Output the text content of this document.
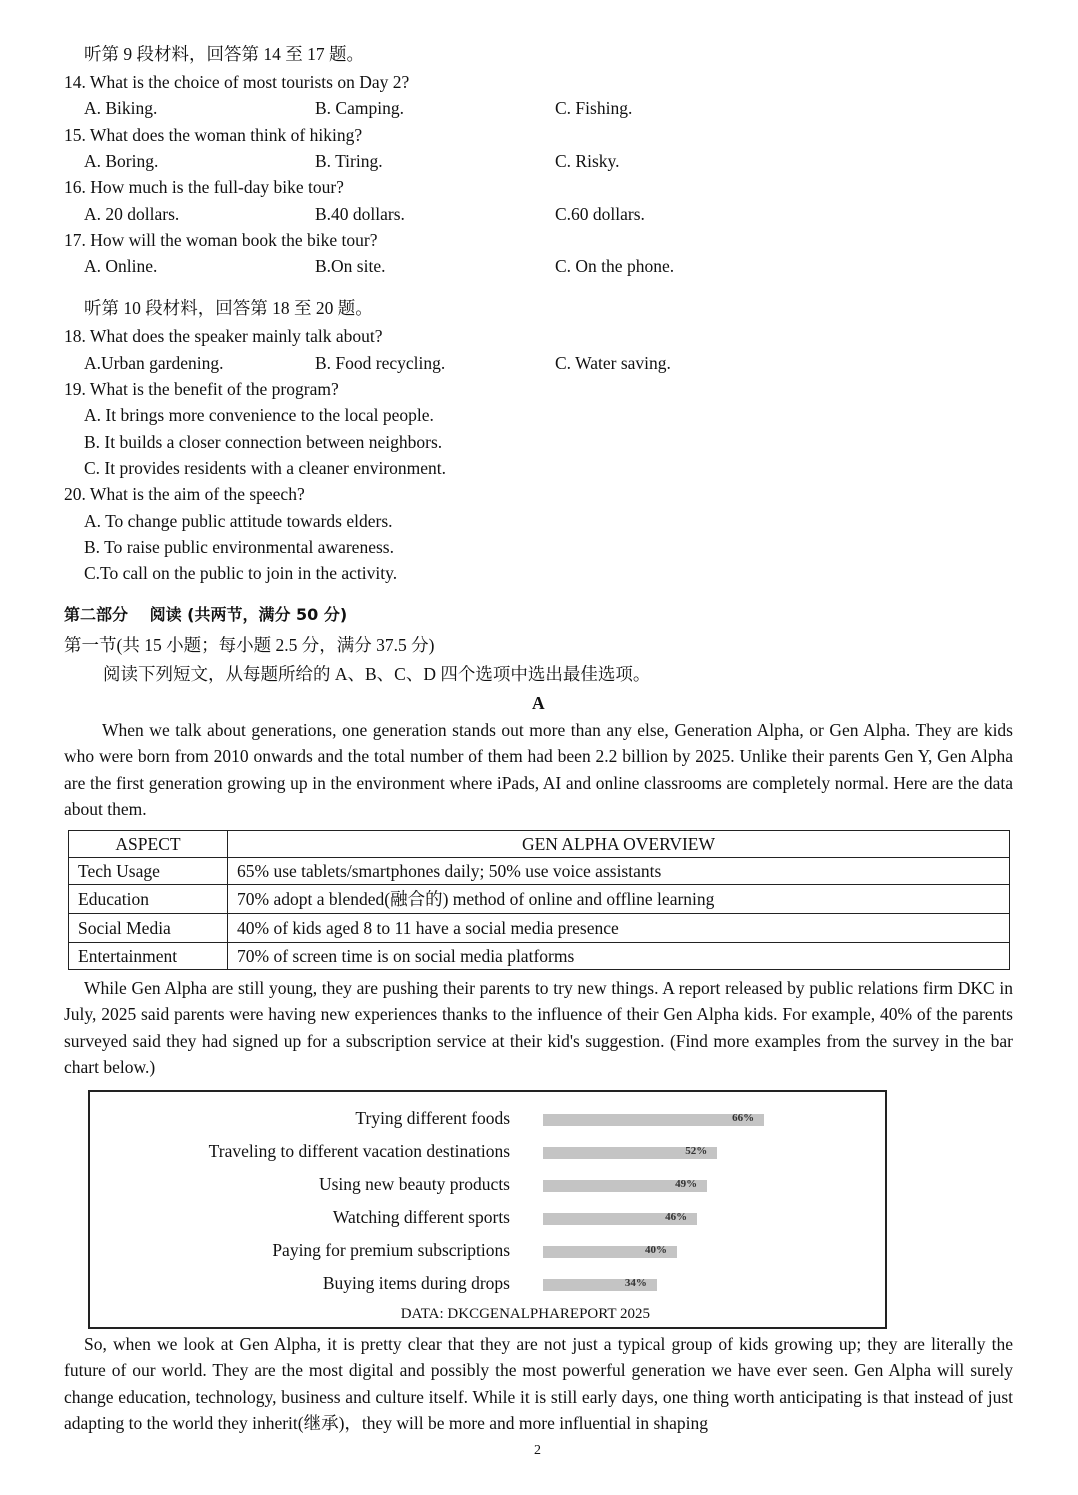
听第 9 段材料，回答第 14 至 17 题。
14. What is the choice of most tourists on Day 2?
A. Biking.	B. Camping.	C. Fishing.
15. What does the woman think of hiking?
A. Boring.	B. Tiring.	C. Risky.
16. How much is the full-day bike tour?
A. 20 dollars.	B.40 dollars.	C.60 dollars.
17. How will the woman book the bike tour?
A. Online.	B.On site.	C. On the phone.
听第 10 段材料，回答第 18 至 20 题。
18. What does the speaker mainly talk about?
A.Urban gardening.	B. Food recycling.	C. Water saving.
19. What is the benefit of the program?
A. It brings more convenience to the local people.
B. It builds a closer connection between neighbors.
C. It provides residents with a cleaner environment.
20. What is the aim of the speech?
A. To change public attitude towards elders.
B. To raise public environmental awareness.
C.To call on the public to join in the activity.
第二部分　 阅读 (共两节，满分 50 分)
第一节(共 15 小题；每小题 2.5 分，满分 37.5 分)
阅读下列短文，从每题所给的 A、B、C、D 四个选项中选出最佳选项。
A
When we talk about generations, one generation stands out more than any else, Generation Alpha, or Gen Alpha. They are kids who were born from 2010 onwards and the total number of them had been 2.2 billion by 2025. Unlike their parents Gen Y, Gen Alpha are the first generation growing up in the environment where iPads, AI and online classrooms are completely normal. Here are the data about them.
ASPECT	GEN ALPHA OVERVIEW
Tech Usage	65% use tablets/smartphones daily; 50% use voice assistants
Education	70% adopt a blended(融合的) method of online and offline learning
Social Media	40% of kids aged 8 to 11 have a social media presence
Entertainment	70% of screen time is on social media platforms
While Gen Alpha are still young, they are pushing their parents to try new things. A report released by public relations firm DKC in July, 2025 said parents were having new experiences thanks to the influence of their Gen Alpha kids. For example, 40% of the parents surveyed said they had signed up for a subscription service at their kid's suggestion. (Find more examples from the survey in the bar chart below.)
DATA: DKCGENALPHAREPORT 2025
Trying different foods	66%
Traveling to different vacation destinations	52%
Using new beauty products	49%
Watching different sports	46%
Paying for premium subscriptions	40%
Buying items during drops	34%
So, when we look at Gen Alpha, it is pretty clear that they are not just a typical group of kids growing up; they are literally the future of our world. They are the most digital and possibly the most powerful generation we have ever seen. Gen Alpha will surely change education, technology, business and culture itself. While it is still early days, one thing worth anticipating is that instead of just adapting to the world they inherit(继承)，they will be more and more influential in shaping
2
